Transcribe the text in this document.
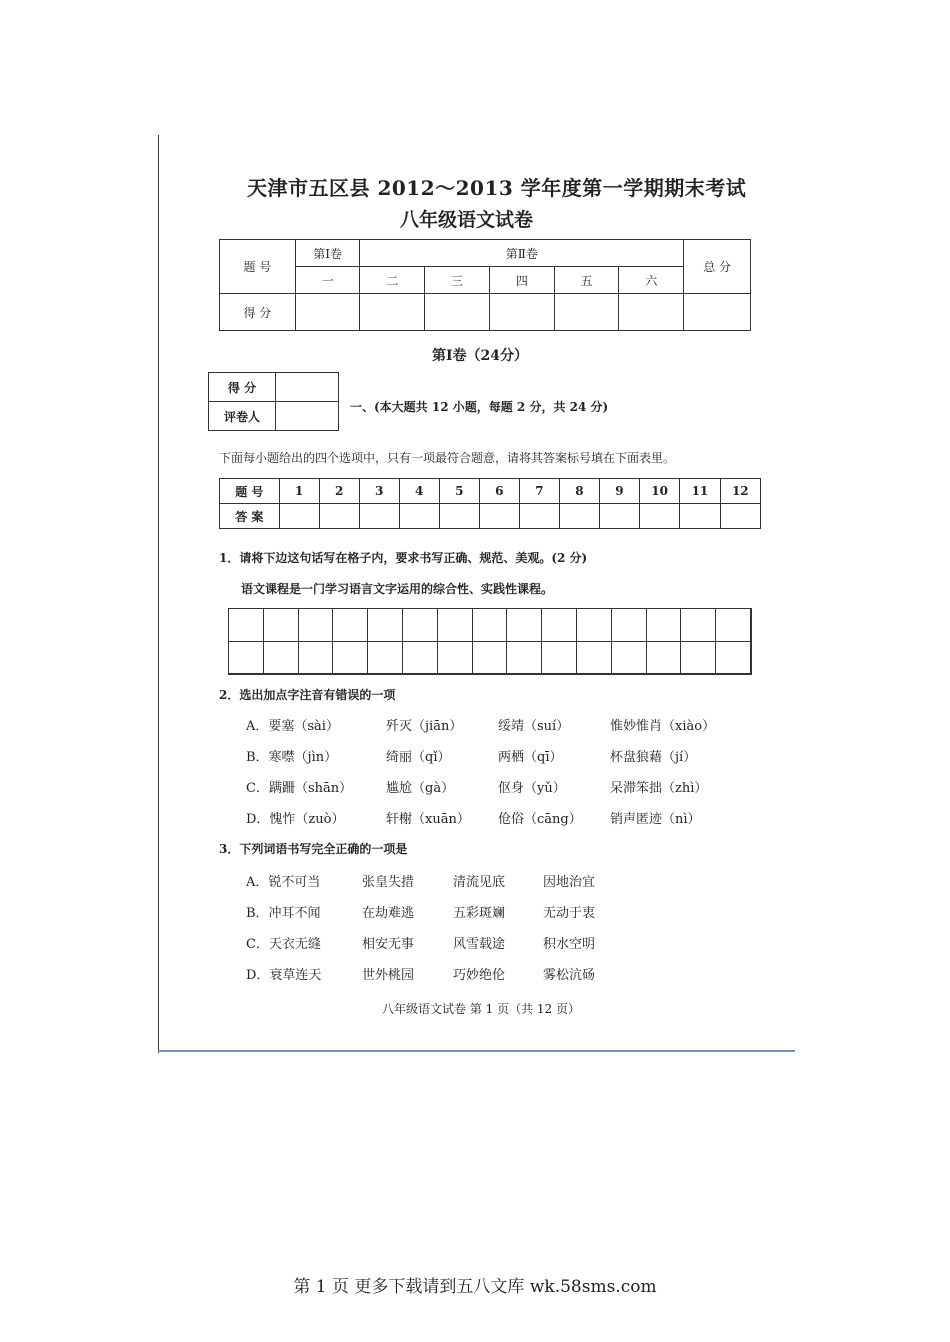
天津市五区县 2012～2013 学年度第一学期期末考试
八年级语文试卷
题 号	第Ⅰ卷	第Ⅱ卷					总 分
	一	二	三	四	五	六	
得 分							
第Ⅰ卷（24分）
得 分	
评卷人	
一、(本大题共 12 小题，每题 2 分，共 24 分)
下面每小题给出的四个选项中，只有一项最符合题意，请将其答案标号填在下面表里。
题 号	1	2	3	4	5	6	7	8	9	10	11	12
答 案												
1．请将下边这句话写在格子内，要求书写正确、规范、美观。(2 分)
语文课程是一门学习语言文字运用的综合性、实践性课程。
2．选出加点字注音有错误的一项
A．要塞（sài）	歼灭（jiān）	绥靖（suí）	惟妙惟肖（xiào）
B．寒噤（jìn）	绮丽（qǐ）	两栖（qī）	杯盘狼藉（jí）
C．蹒跚（shān）	尴尬（gà）	伛身（yǔ）	呆滞笨拙（zhì）
D．愧怍（zuò）	轩榭（xuān） 伧俗（cāng） 销声匿迹（nì）
3．下列词语书写完全正确的一项是
A．锐不可当	张皇失措	清流见底	因地治宜
B．冲耳不闻	在劫难逃	五彩斑斓	无动于衷
C．天衣无缝	相安无事	风雪载途	积水空明
D．衰草连天	世外桃园	巧妙绝伦	雾松沆砀
八年级语文试卷 第 1 页（共 12 页）
第 1 页 更多下载请到五八文库 wk.58sms.com
